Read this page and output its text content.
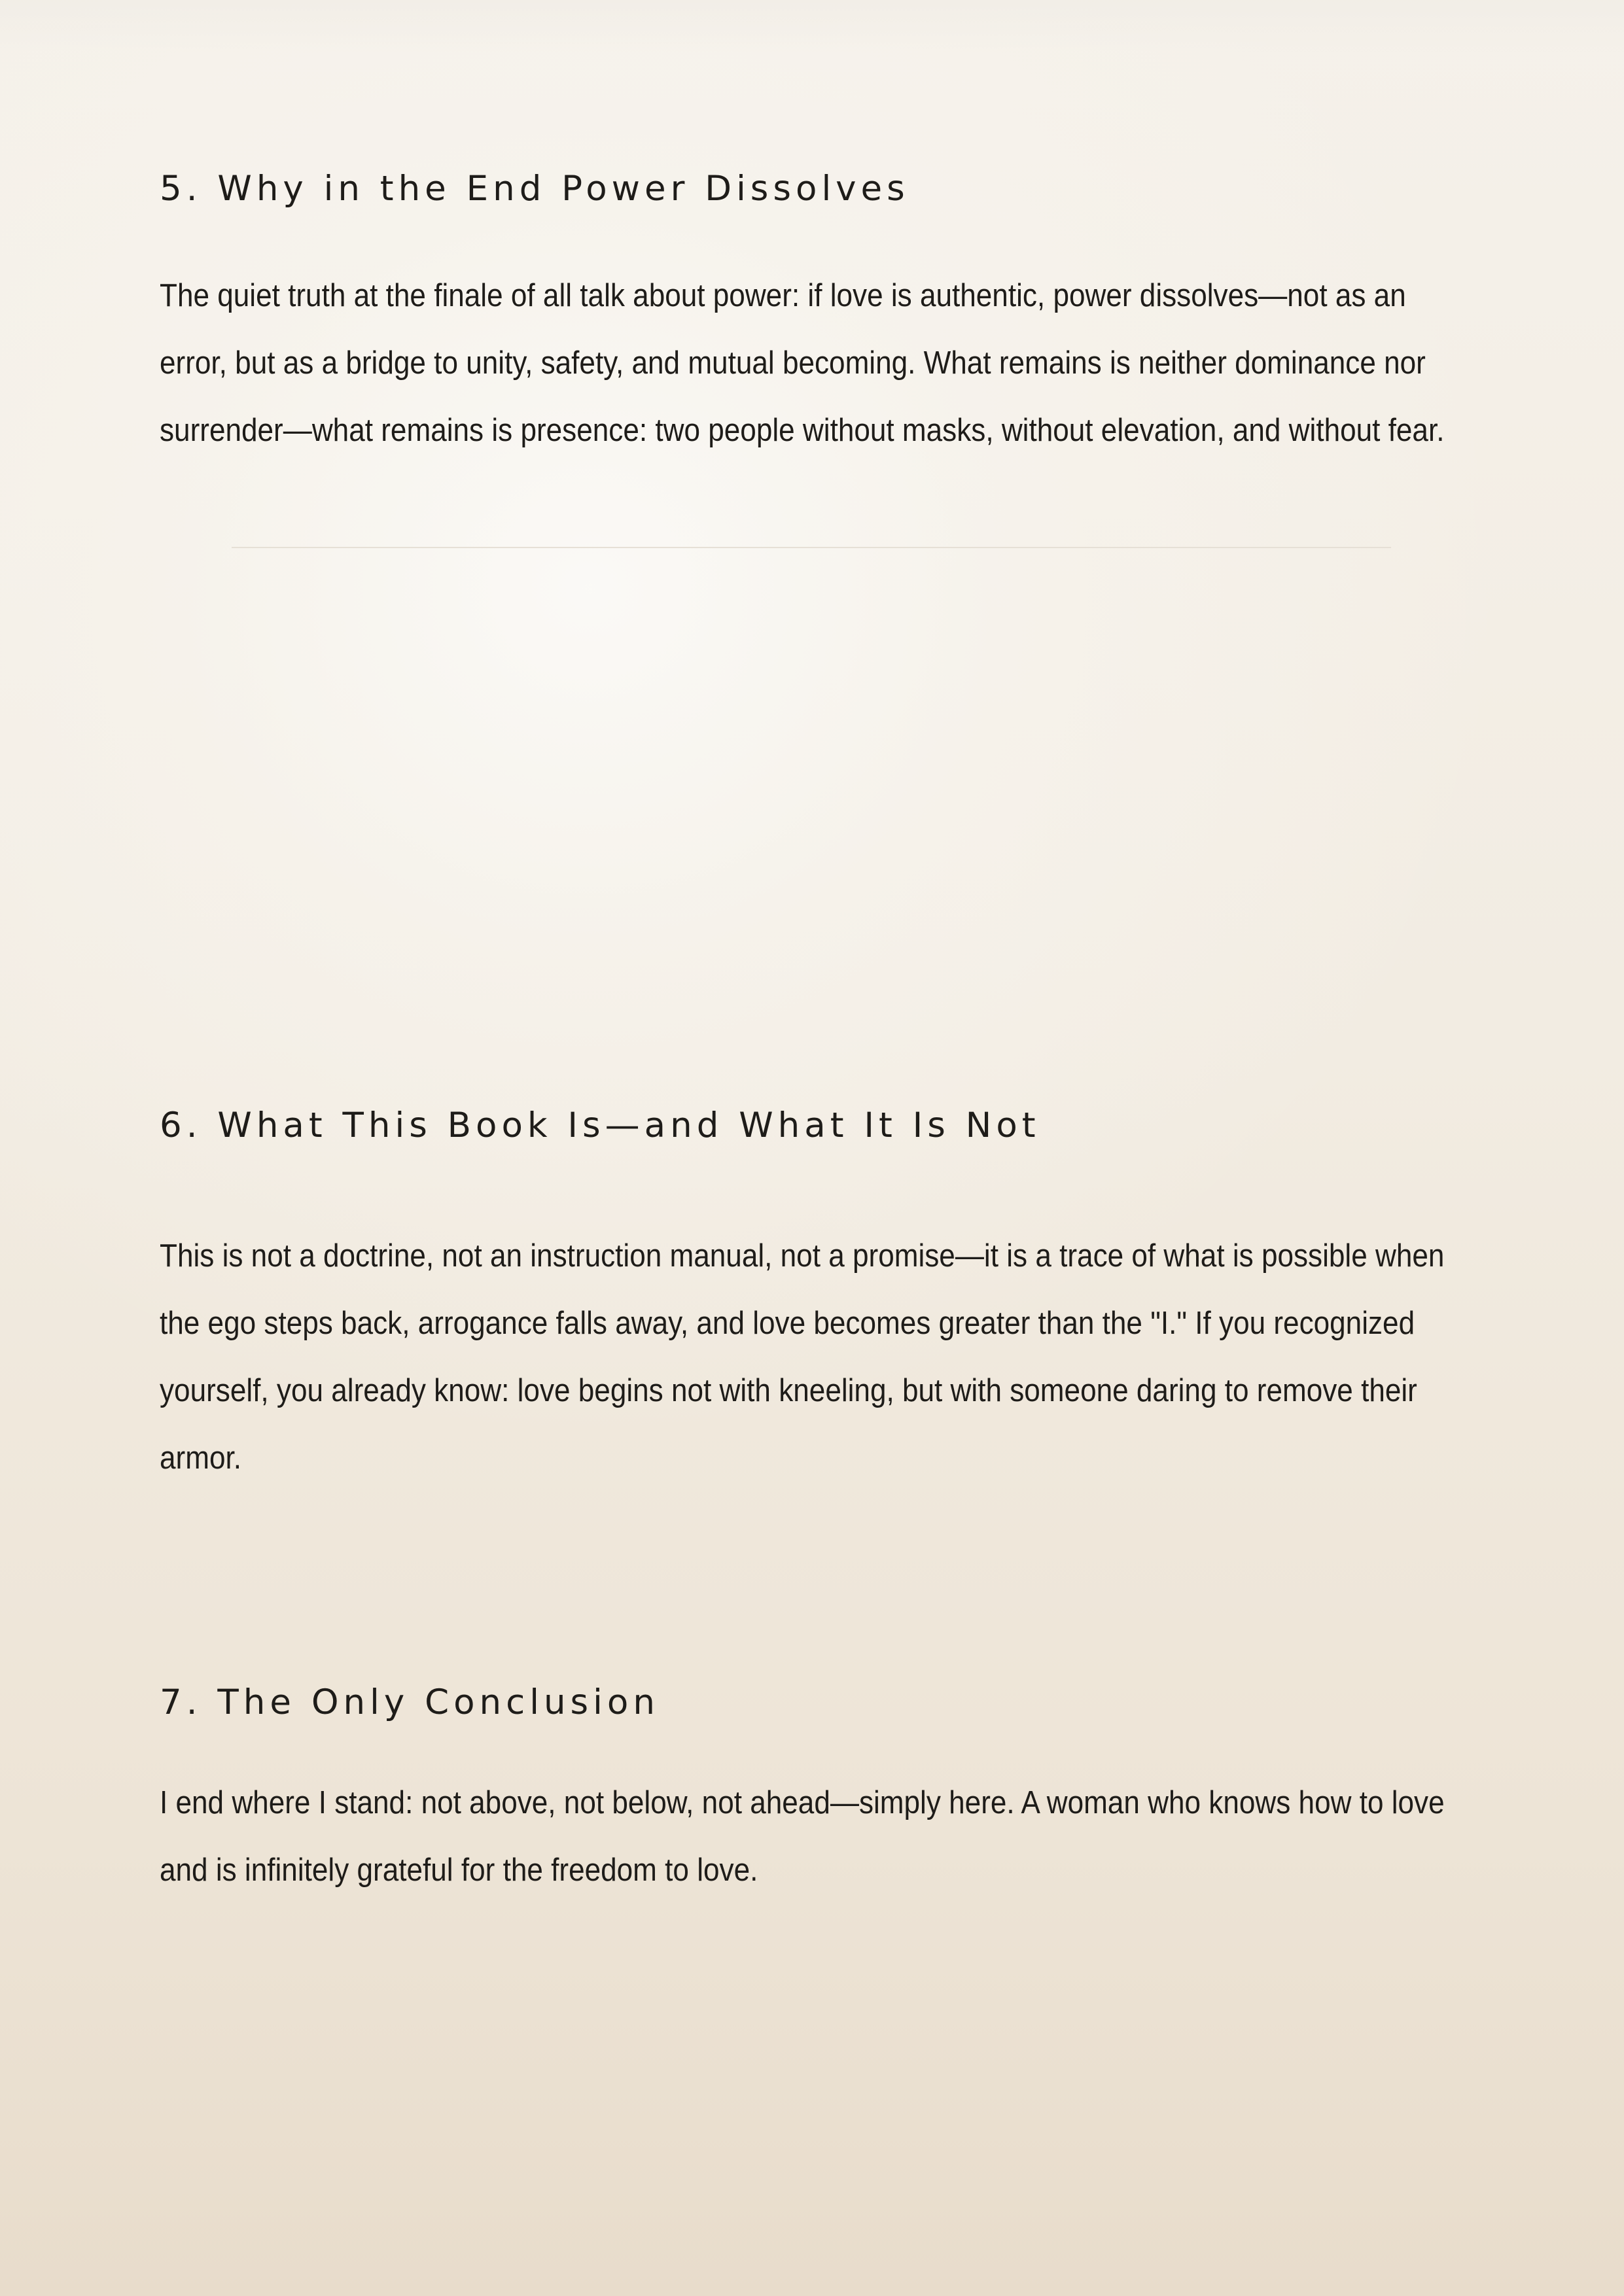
5. Why in the End Power Dissolves

The quiet truth at the finale of all talk about power: if love is authentic, power dissolves—not as an error, but as a bridge to unity, safety, and mutual becoming. What remains is neither dominance nor surrender—what remains is presence: two people without masks, without elevation, and without fear.

6. What This Book Is—and What It Is Not

This is not a doctrine, not an instruction manual, not a promise—it is a trace of what is possible when the ego steps back, arrogance falls away, and love becomes greater than the "I." If you recognized yourself, you already know: love begins not with kneeling, but with someone daring to remove their armor.

7. The Only Conclusion

I end where I stand: not above, not below, not ahead—simply here. A woman who knows how to love and is infinitely grateful for the freedom to love.
